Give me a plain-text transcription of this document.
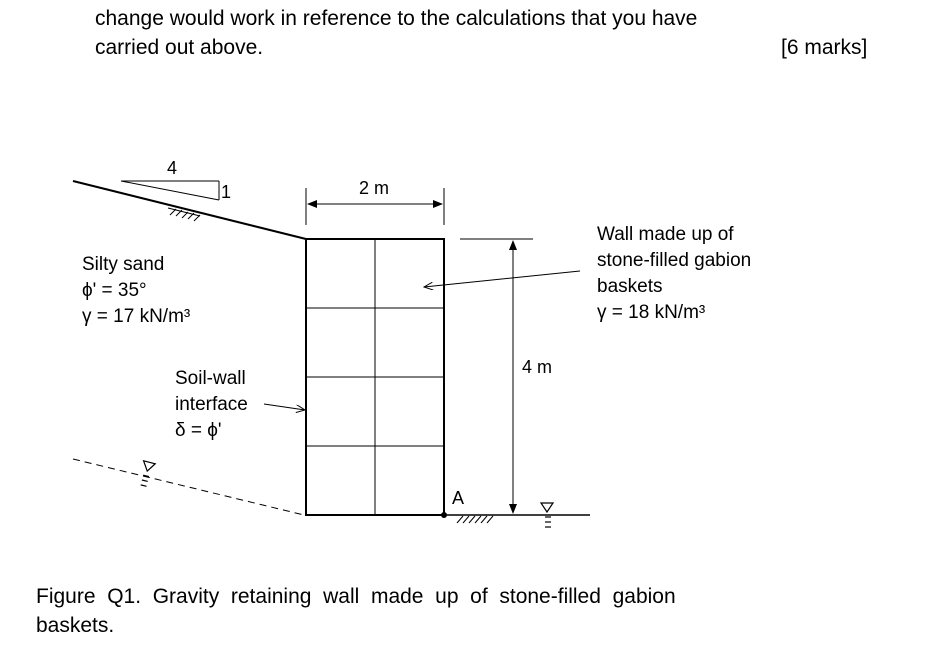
change would work in reference to the calculations that you have
carried out above.	[6 marks]
4
1	2 m
4 m
A
Silty sand
ϕ' = 35°
γ = 17 kN/m³
Soil-wall
interface
δ = ϕ'
Wall made up of
stone-filled gabion
baskets
γ = 18 kN/m³
Figure  Q1.  Gravity  retaining  wall  made  up  of  stone-filled  gabion
baskets.
